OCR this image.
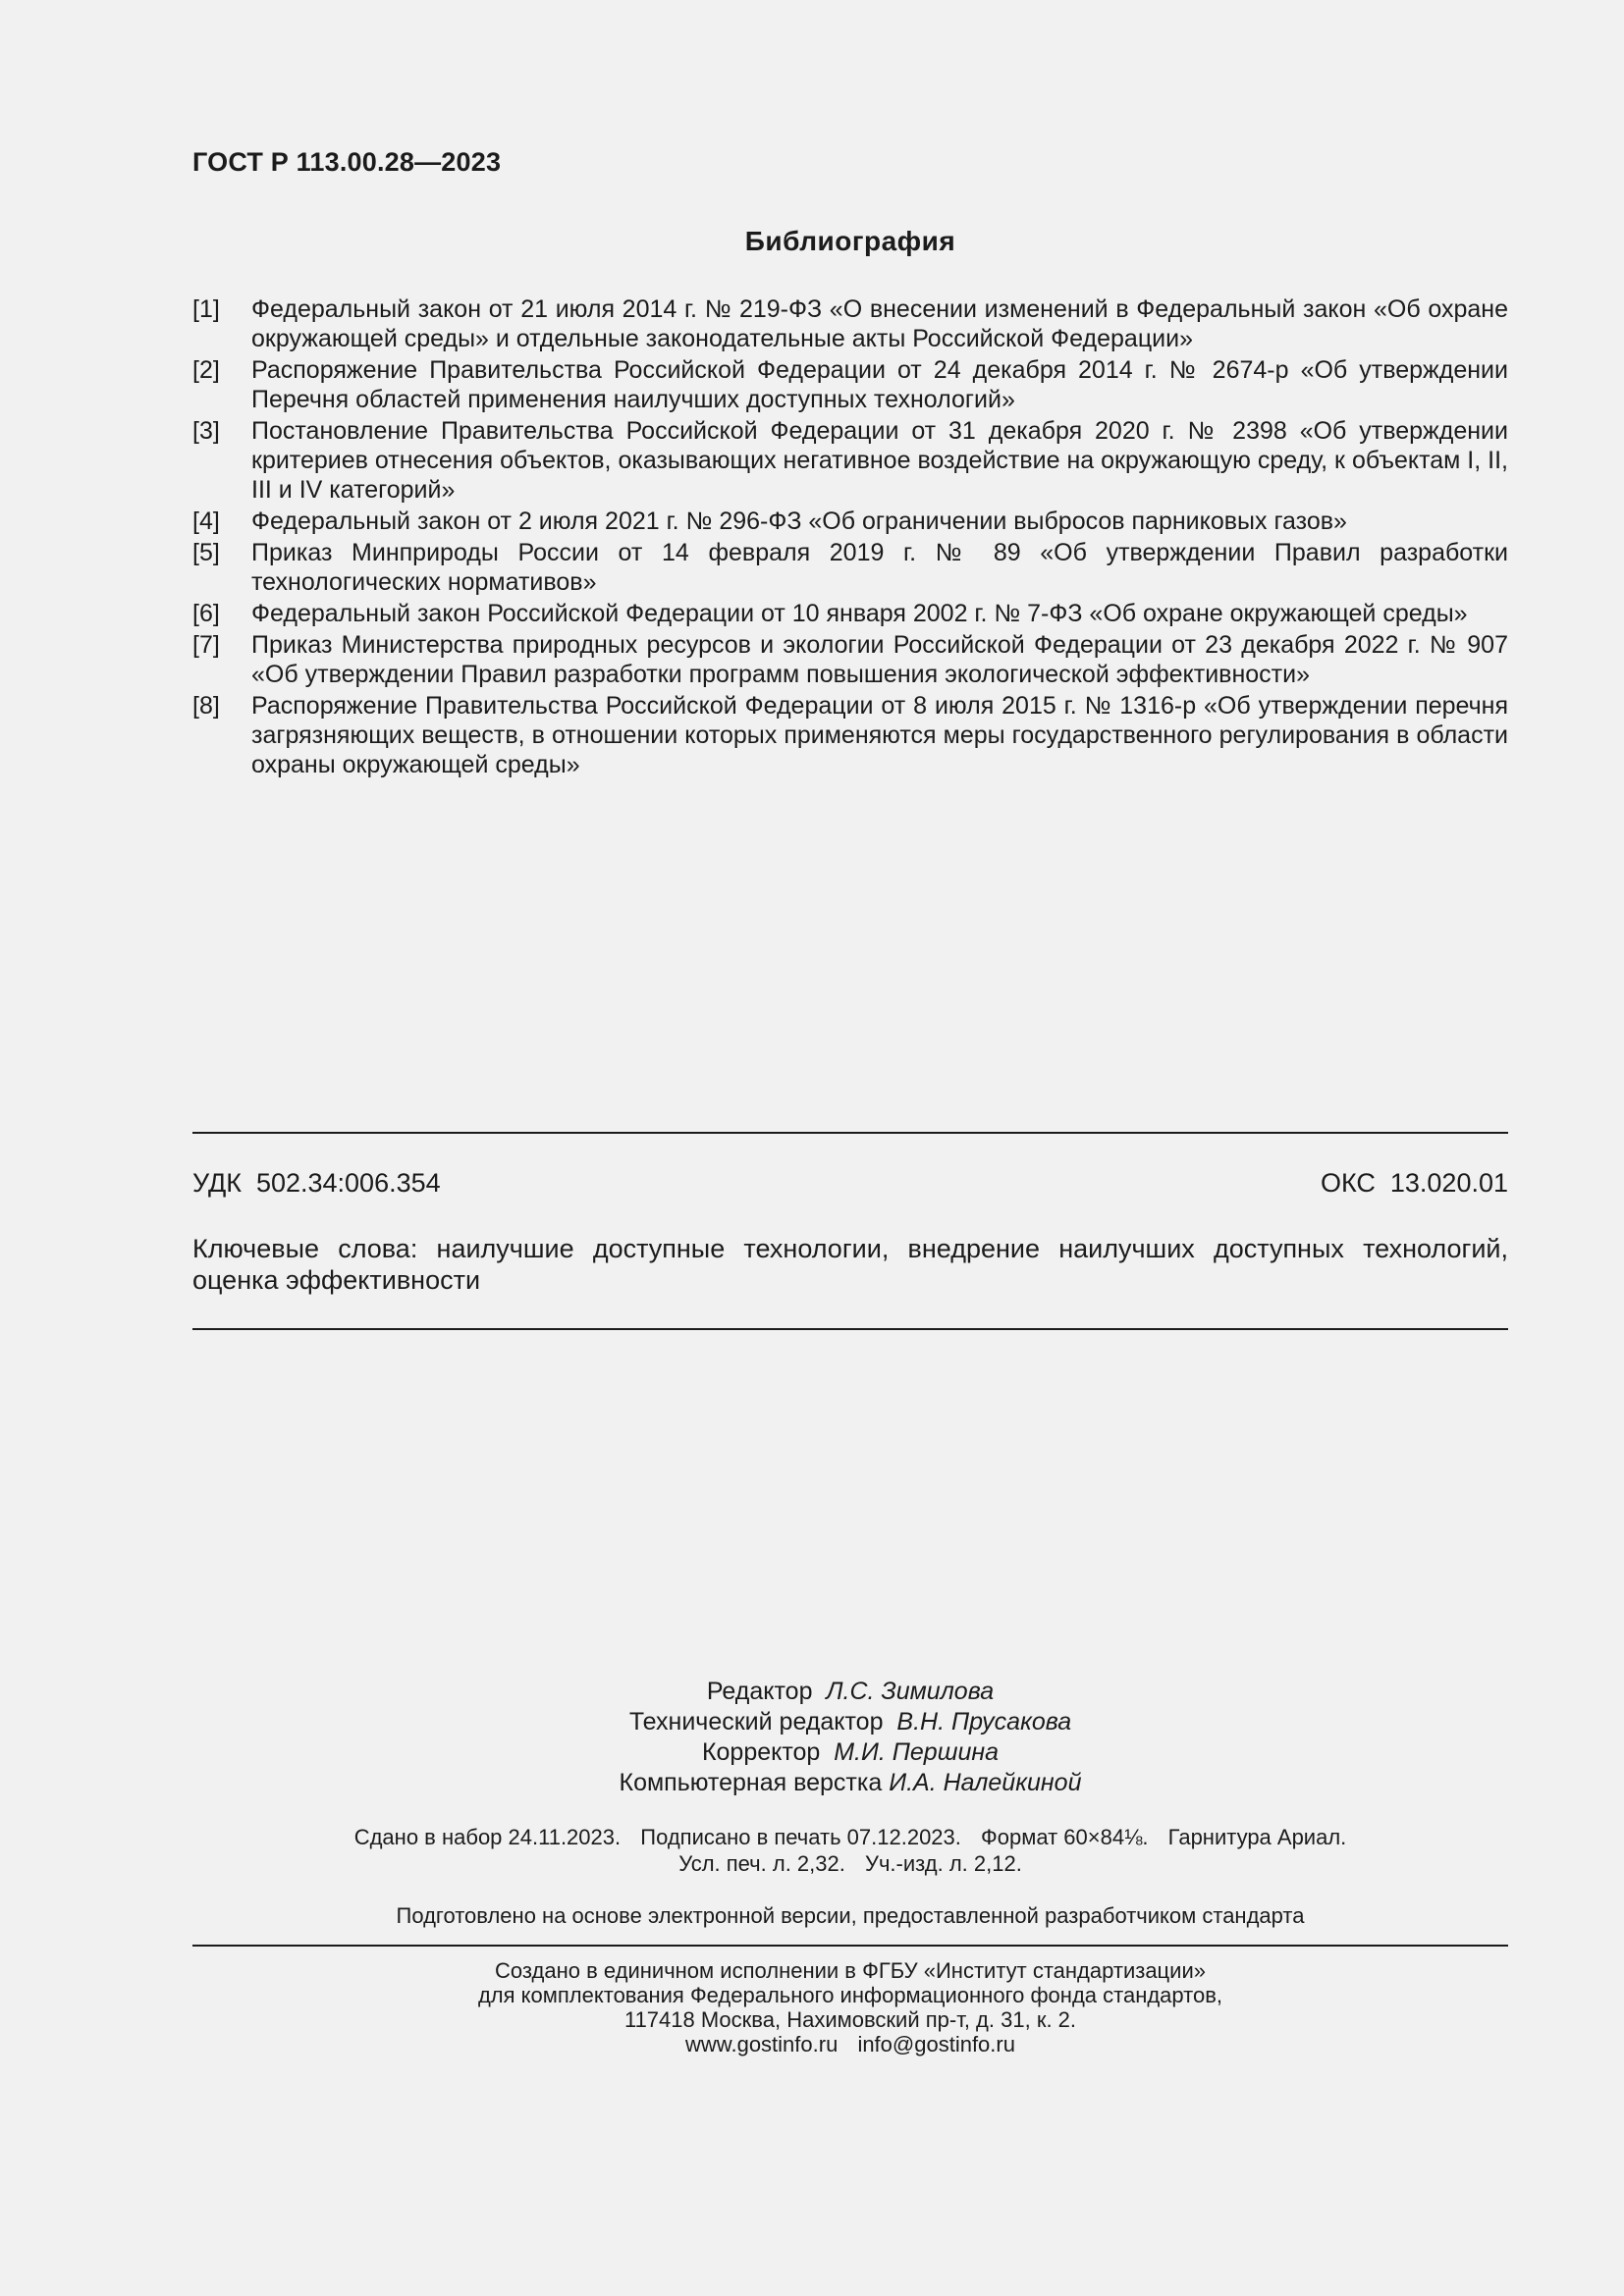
ГОСТ Р 113.00.28—2023
Библиография
[1]	Федеральный закон от 21 июля 2014 г. № 219-ФЗ «О внесении изменений в Федеральный закон «Об охране окружающей среды» и отдельные законодательные акты Российской Федерации»
[2]	Распоряжение Правительства Российской Федерации от 24 декабря 2014 г. № 2674-р «Об утверждении Перечня областей применения наилучших доступных технологий»
[3]	Постановление Правительства Российской Федерации от 31 декабря 2020 г. № 2398 «Об утверждении критериев отнесения объектов, оказывающих негативное воздействие на окружающую среду, к объектам I, II, III и IV категорий»
[4]	Федеральный закон от 2 июля 2021 г. № 296-ФЗ «Об ограничении выбросов парниковых газов»
[5]	Приказ Минприроды России от 14 февраля 2019 г. № 89 «Об утверждении Правил разработки технологических нормативов»
[6]	Федеральный закон Российской Федерации от 10 января 2002 г. № 7-ФЗ «Об охране окружающей среды»
[7]	Приказ Министерства природных ресурсов и экологии Российской Федерации от 23 декабря 2022 г. № 907 «Об утверждении Правил разработки программ повышения экологической эффективности»
[8]	Распоряжение Правительства Российской Федерации от 8 июля 2015 г. № 1316-р «Об утверждении перечня загрязняющих веществ, в отношении которых применяются меры государственного регулирования в области охраны окружающей среды»
УДК  502.34:006.354	ОКС  13.020.01
Ключевые слова: наилучшие доступные технологии, внедрение наилучших доступных технологий, оценка эффективности
Редактор Л.С. Зимилова
Технический редактор В.Н. Прусакова
Корректор М.И. Першина
Компьютерная верстка И.А. Налейкиной
Сдано в набор 24.11.2023. Подписано в печать 07.12.2023. Формат 60×84⅛. Гарнитура Ариал.
Усл. печ. л. 2,32. Уч.-изд. л. 2,12.
Подготовлено на основе электронной версии, предоставленной разработчиком стандарта
Создано в единичном исполнении в ФГБУ «Институт стандартизации»
для комплектования Федерального информационного фонда стандартов,
117418 Москва, Нахимовский пр-т, д. 31, к. 2.
www.gostinfo.ru info@gostinfo.ru
